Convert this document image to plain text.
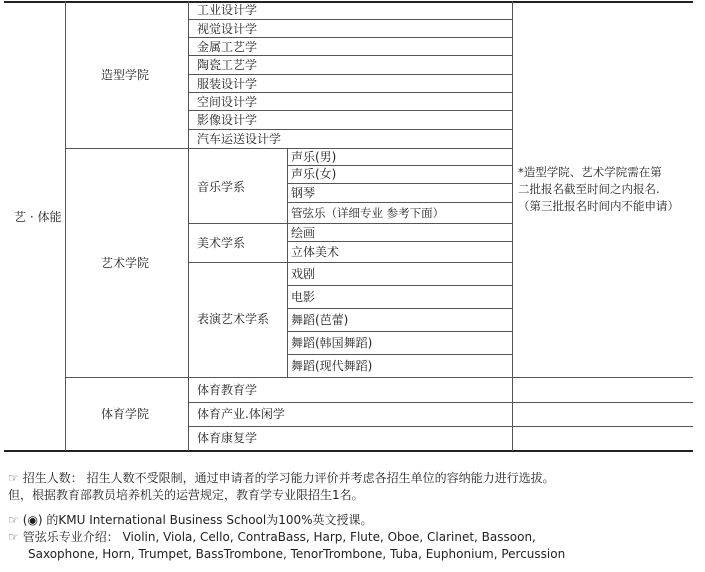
艺 · 体能
造型学院
艺术学院
体育学院
工业设计学
视觉设计学
金属工艺学
陶瓷工艺学
服装设计学
空间设计学
影像设计学
汽车运送设计学
音乐学系
美术学系
表演艺术学系
声乐(男)
声乐(女)
钢琴
管弦乐（详细专业 参考下面）
绘画
立体美术
戏剧
电影
舞蹈(芭蕾)
舞蹈(韩国舞蹈)
舞蹈(现代舞蹈)
体育教育学
体育产业.体闲学
体育康复学
*造型学院、艺术学院需在第
二批报名截至时间之内报名.
（第三批报名时间内不能申请）
☞ 招生人数： 招生人数不受限制，通过申请者的学习能力评价并考虑各招生单位的容纳能力进行选拔。
但，根据教育部教员培养机关的运营规定，教育学专业限招生1名。
☞ (◉) 的KMU International Business School为100%英文授课。
☞ 管弦乐专业介绍： Violin, Viola, Cello, ContraBass, Harp, Flute, Oboe, Clarinet, Bassoon,
Saxophone, Horn, Trumpet, BassTrombone, TenorTrombone, Tuba, Euphonium, Percussion
